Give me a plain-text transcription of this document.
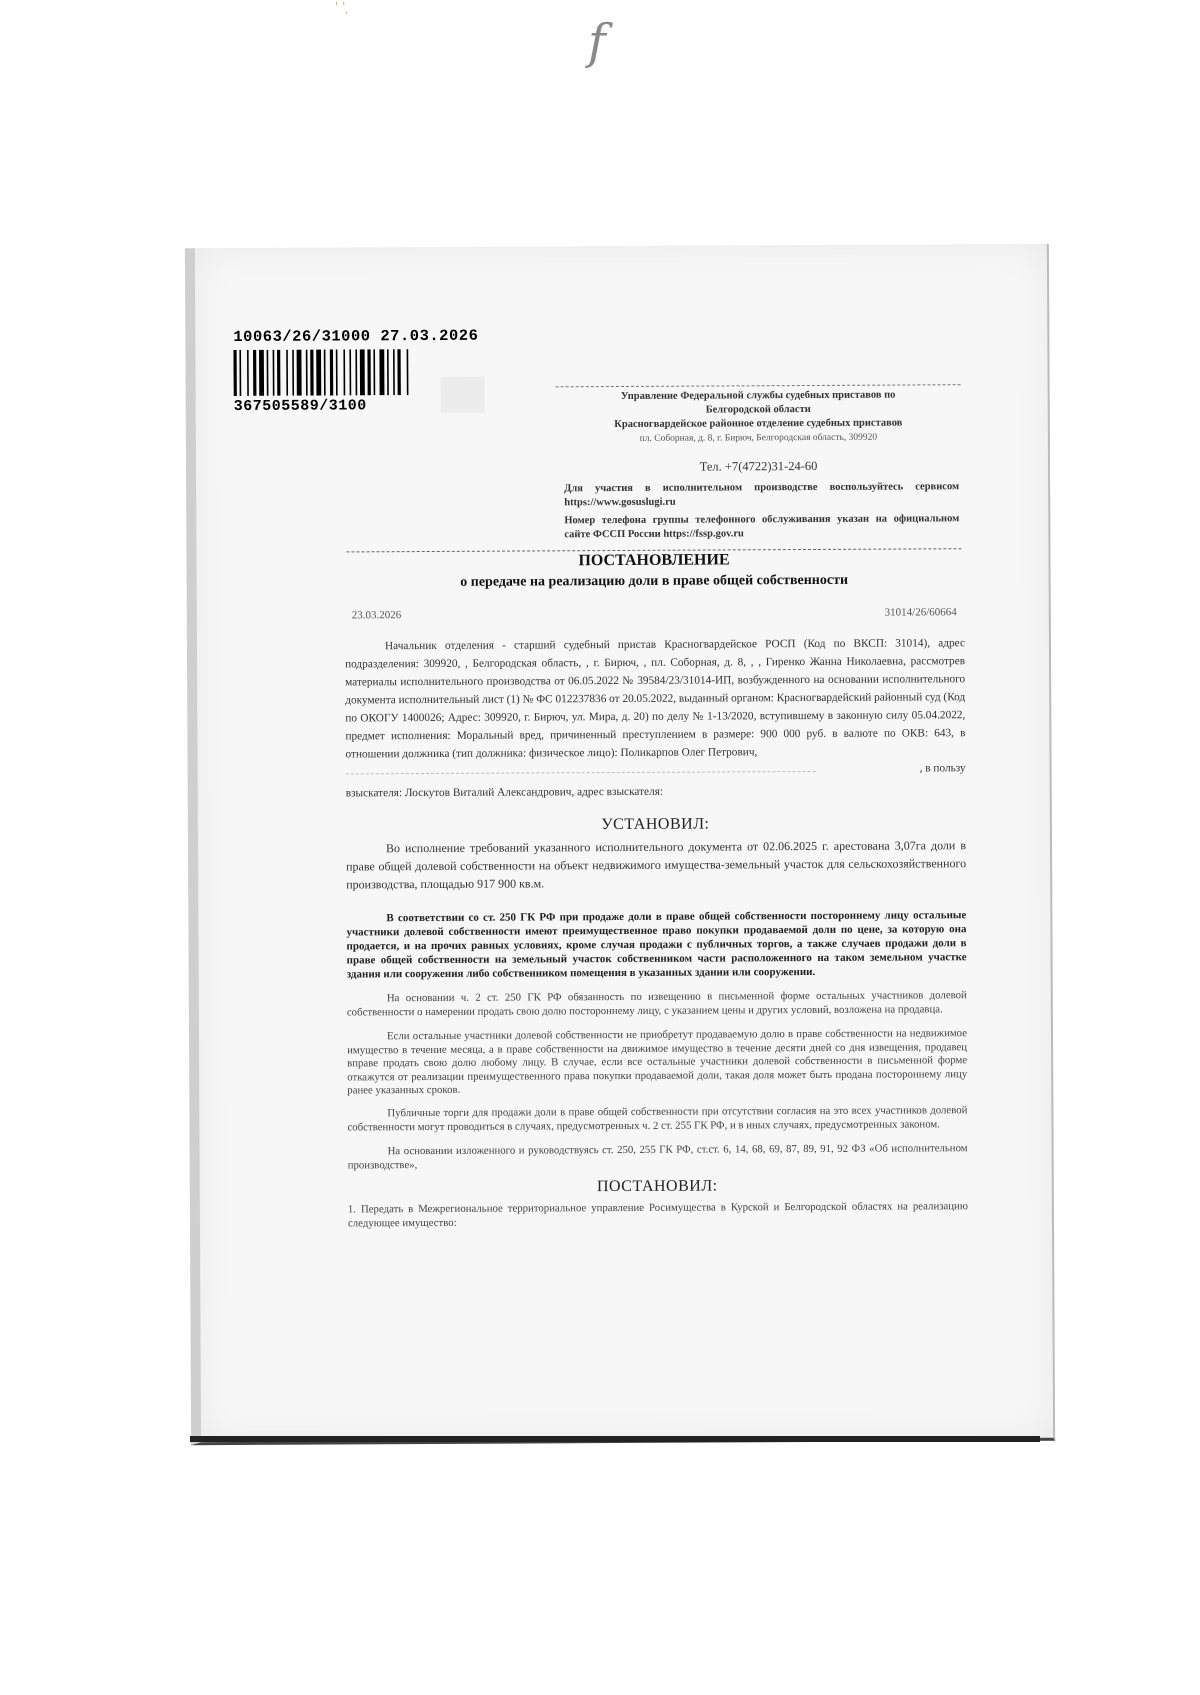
ˈ ˈ ̩
f
10063/26/31000 27.03.2026
367505589/3100
Управление Федеральной службы судебных приставов по
Белгородской области
Красногвардейское районное отделение судебных приставов
пл. Соборная, д. 8, г. Бирюч, Белгородская область, 309920
Тел. +7(4722)31-24-60
Для участия в исполнительном производстве воспользуйтесь сервисом https://www.gosuslugi.ru
Номер телефона группы телефонного обслуживания указан на официальном сайте ФССП России https://fssp.gov.ru
ПОСТАНОВЛЕНИЕ
о передаче на реализацию доли в праве общей собственности
23.03.2026	31014/26/60664
Начальник отделения - старший судебный пристав Красногвардейское РОСП (Код по ВКСП: 31014), адрес подразделения: 309920, , Белгородская область, , г. Бирюч, , пл. Соборная, д. 8, , , Гиренко Жанна Николаевна, рассмотрев материалы исполнительного производства от 06.05.2022 № 39584/23/31014-ИП, возбужденного на основании исполнительного документа исполнительный лист (1) № ФС 012237836 от 20.05.2022, выданный органом: Красногвардейский районный суд (Код по ОКОГУ 1400026; Адрес: 309920, г. Бирюч, ул. Мира, д. 20) по делу № 1-13/2020, вступившему в законную силу 05.04.2022, предмет исполнения: Моральный вред, причиненный преступлением в размере: 900 000 руб. в валюте по ОКВ: 643, в отношении должника (тип должника: физическое лицо): Поликарпов Олег Петрович,
, в пользу
взыскателя: Лоскутов Виталий Александрович, адрес взыскателя:
УСТАНОВИЛ:
Во исполнение требований указанного исполнительного документа от 02.06.2025 г. арестована 3,07га доли в праве общей долевой собственности на объект недвижимого имущества-земельный участок для сельскохозяйственного производства, площадью 917 900 кв.м.
В соответствии со ст. 250 ГК РФ при продаже доли в праве общей собственности постороннему лицу остальные участники долевой собственности имеют преимущественное право покупки продаваемой доли по цене, за которую она продается, и на прочих равных условиях, кроме случая продажи с публичных торгов, а также случаев продажи доли в праве общей собственности на земельный участок собственником части расположенного на таком земельном участке здания или сооружения либо собственником помещения в указанных здании или сооружении.
На основании ч. 2 ст. 250 ГК РФ обязанность по извещению в письменной форме остальных участников долевой собственности о намерении продать свою долю постороннему лицу, с указанием цены и других условий, возложена на продавца.
Если остальные участники долевой собственности не приобретут продаваемую долю в праве собственности на недвижимое имущество в течение месяца, а в праве собственности на движимое имущество в течение десяти дней со дня извещения, продавец вправе продать свою долю любому лицу. В случае, если все остальные участники долевой собственности в письменной форме откажутся от реализации преимущественного права покупки продаваемой доли, такая доля может быть продана постороннему лицу ранее указанных сроков.
Публичные торги для продажи доли в праве общей собственности при отсутствии согласия на это всех участников долевой собственности могут проводиться в случаях, предусмотренных ч. 2 ст. 255 ГК РФ, и в иных случаях, предусмотренных законом.
На основании изложенного и руководствуясь ст. 250, 255 ГК РФ, ст.ст. 6, 14, 68, 69, 87, 89, 91, 92 ФЗ «Об исполнительном производстве»,
ПОСТАНОВИЛ:
1. Передать в Межрегиональное территориальное управление Росимущества в Курской и Белгородской областях на реализацию следующее имущество:
